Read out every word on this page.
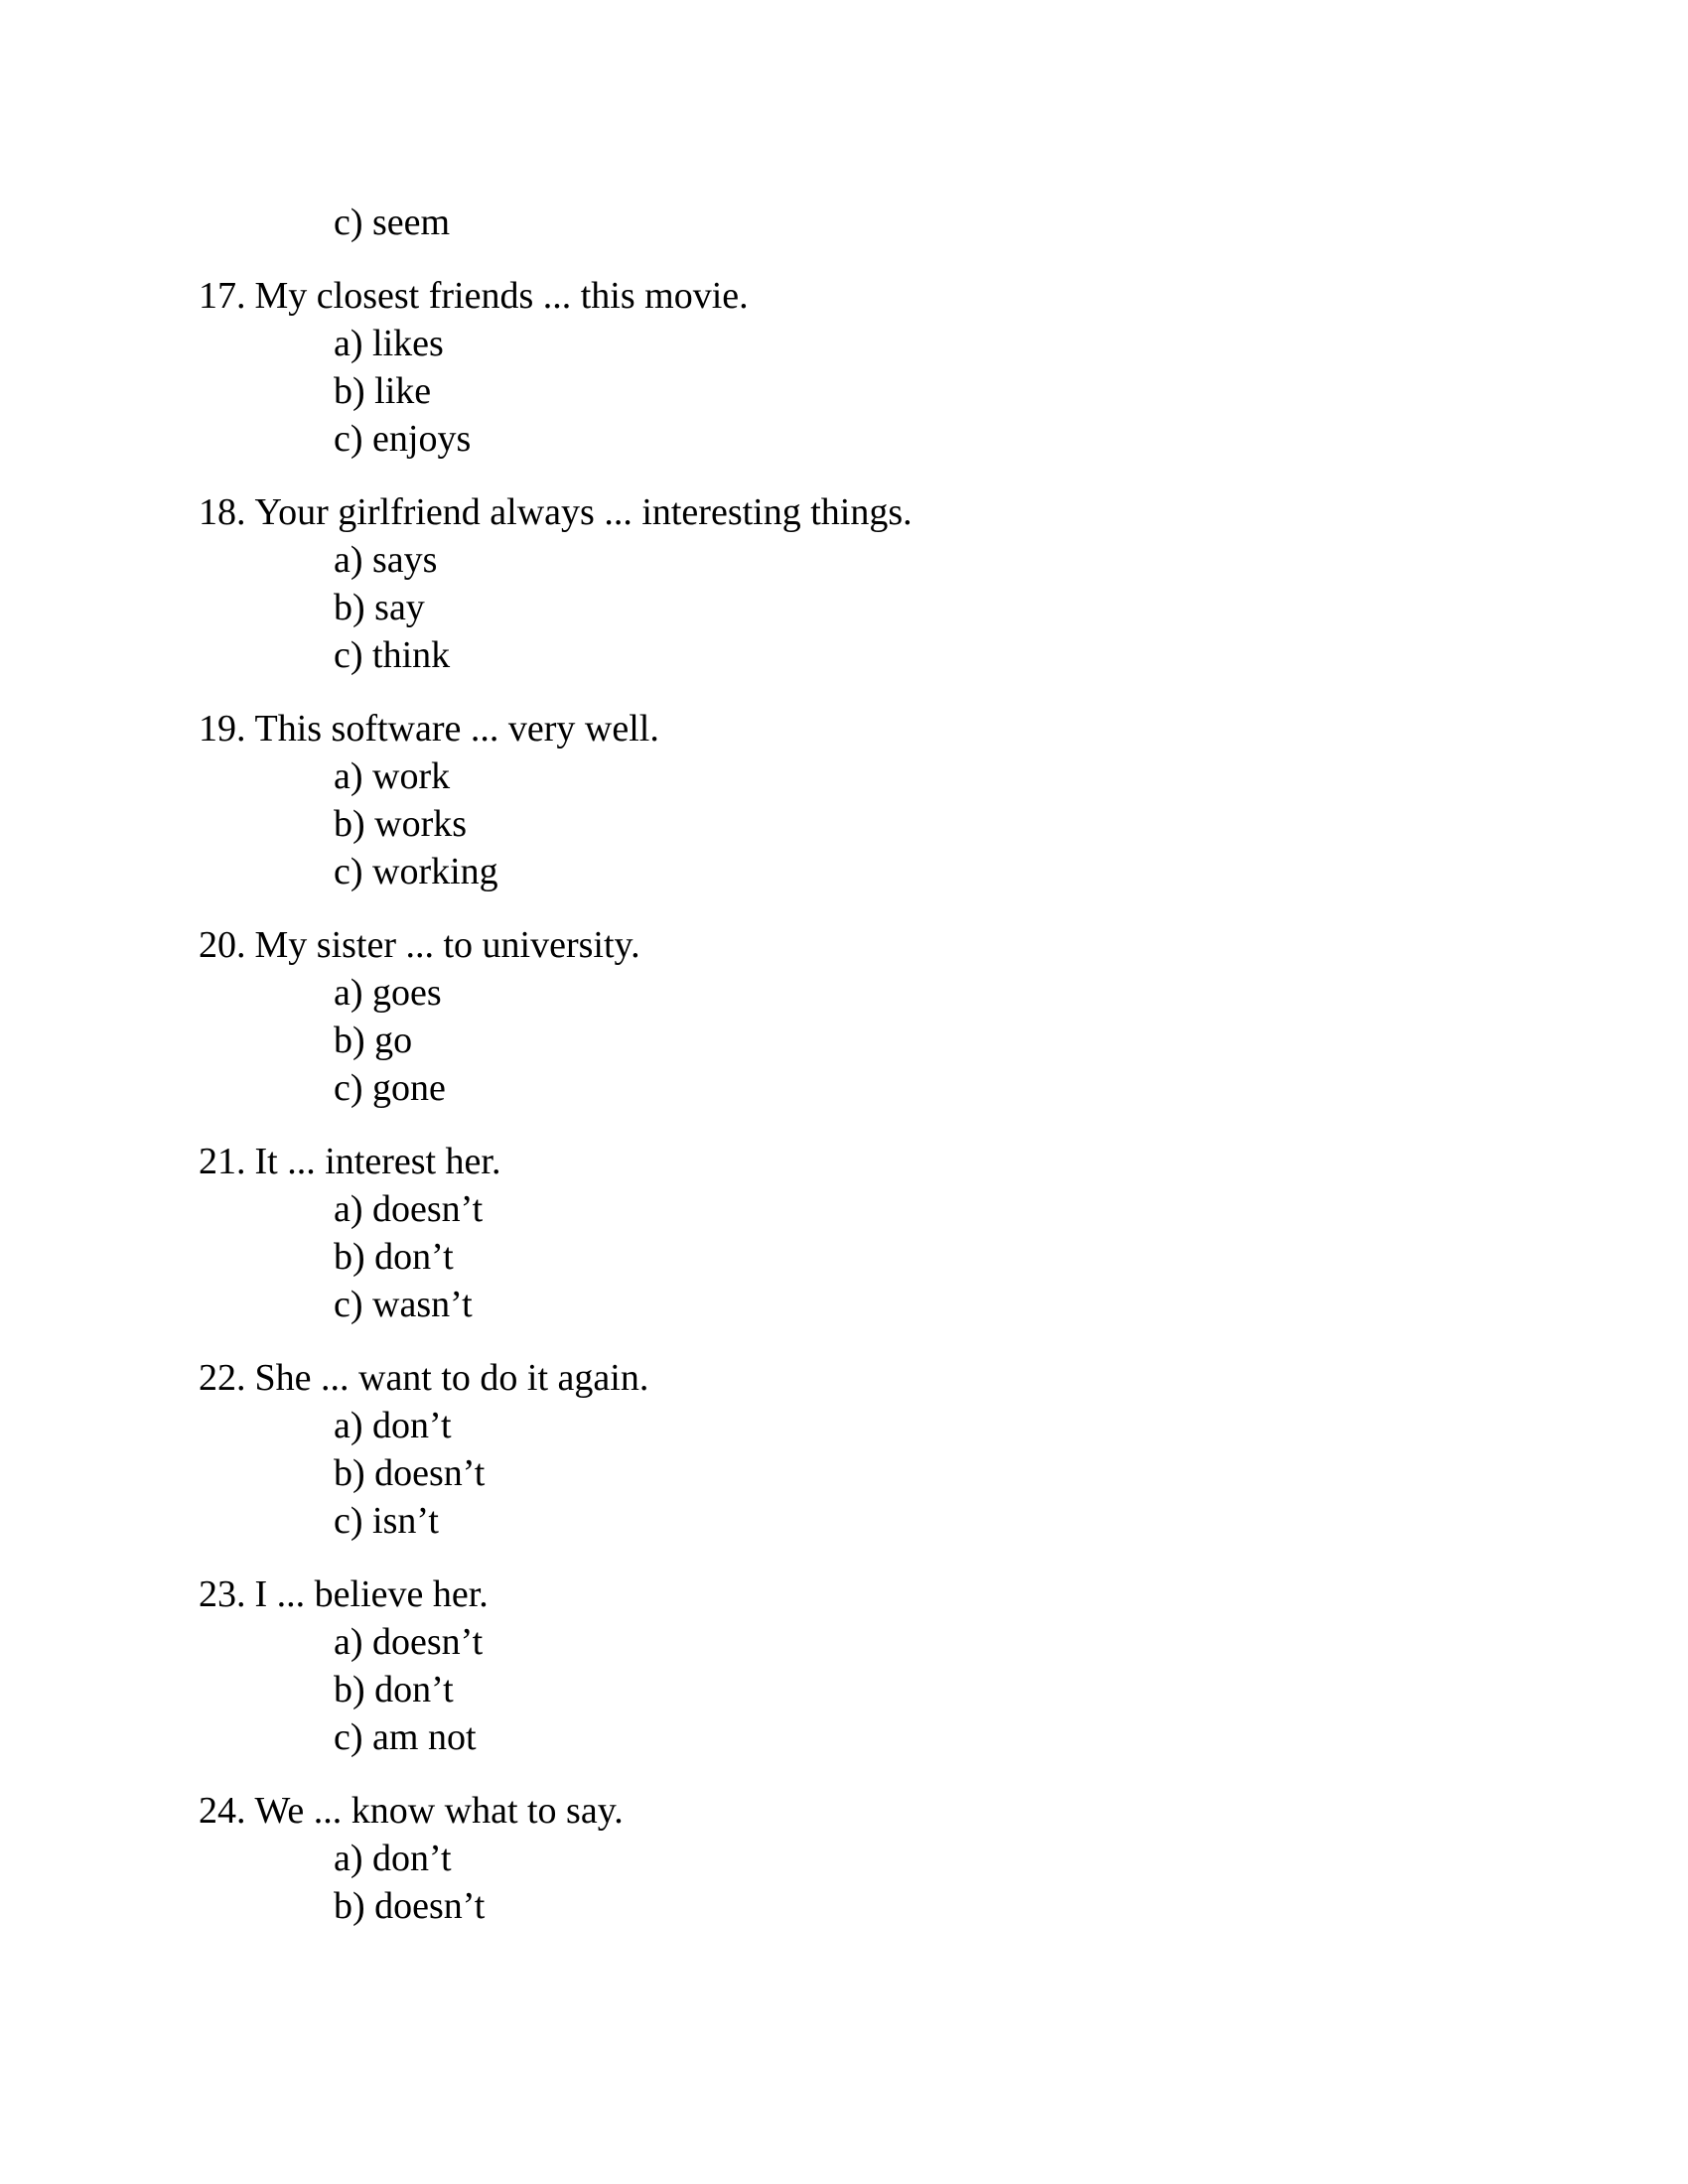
c) seem
17. My closest friends ... this movie.
a) likes
b) like
c) enjoys
18. Your girlfriend always ... interesting things.
a) says
b) say
c) think
19. This software ... very well.
a) work
b) works
c) working
20. My sister ... to university.
a) goes
b) go
c) gone
21. It ... interest her.
a) doesn’t
b) don’t
c) wasn’t
22. She ... want to do it again.
a) don’t
b) doesn’t
c) isn’t
23. I ... believe her.
a) doesn’t
b) don’t
c) am not
24. We ... know what to say.
a) don’t
b) doesn’t
